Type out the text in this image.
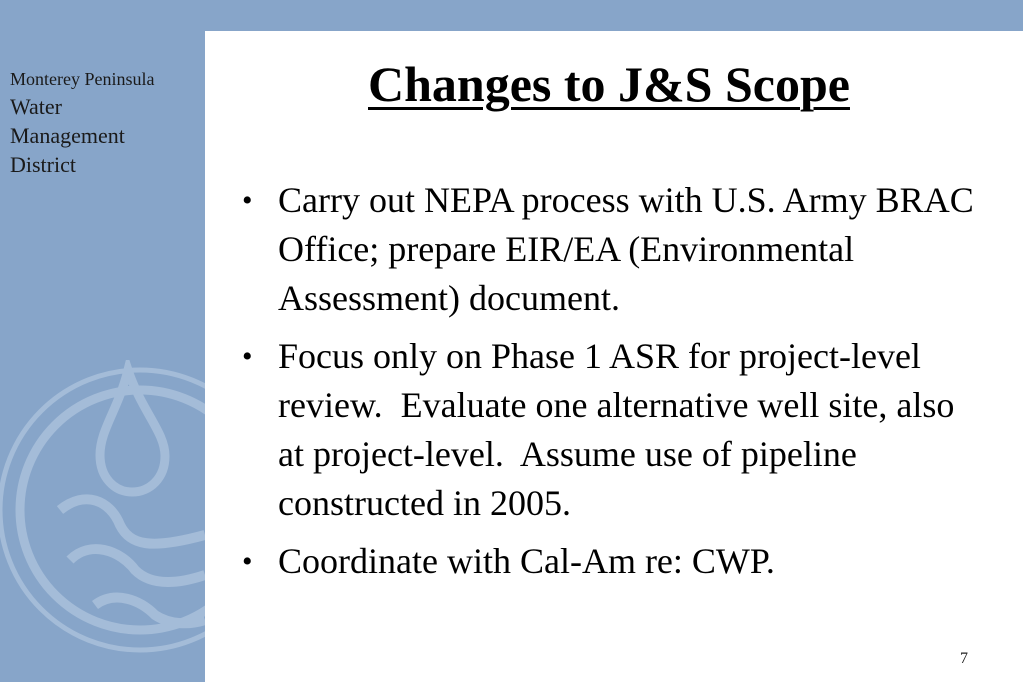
Monterey Peninsula
Water
Management
District
Changes to J&S Scope
• Carry out NEPA process with U.S. Army BRAC Office; prepare EIR/EA (Environmental Assessment) document.
• Focus only on Phase 1 ASR for project-level review.  Evaluate one alternative well site, also at project-level.  Assume use of pipeline constructed in 2005.
• Coordinate with Cal-Am re: CWP.
7
